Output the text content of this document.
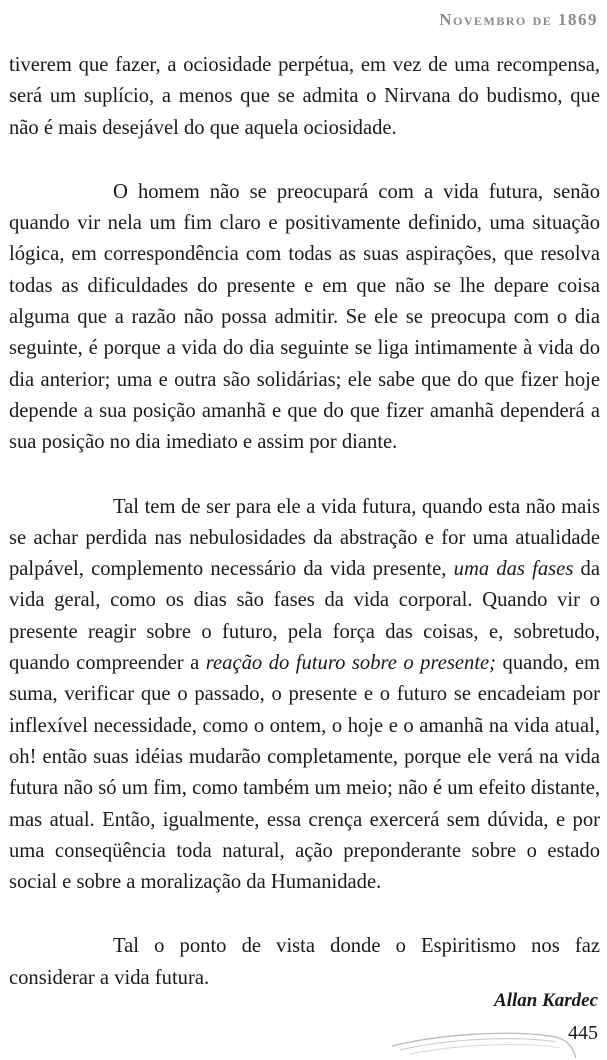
Novembro de 1869

tiverem que fazer, a ociosidade perpétua, em vez de uma recompensa, será um suplício, a menos que se admita o Nirvana do budismo, que não é mais desejável do que aquela ociosidade.

O homem não se preocupará com a vida futura, senão quando vir nela um fim claro e positivamente definido, uma situação lógica, em correspondência com todas as suas aspirações, que resolva todas as dificuldades do presente e em que não se lhe depare coisa alguma que a razão não possa admitir. Se ele se preocupa com o dia seguinte, é porque a vida do dia seguinte se liga intimamente à vida do dia anterior; uma e outra são solidárias; ele sabe que do que fizer hoje depende a sua posição amanhã e que do que fizer amanhã dependerá a sua posição no dia imediato e assim por diante.

Tal tem de ser para ele a vida futura, quando esta não mais se achar perdida nas nebulosidades da abstração e for uma atualidade palpável, complemento necessário da vida presente, uma das fases da vida geral, como os dias são fases da vida corporal. Quando vir o presente reagir sobre o futuro, pela força das coisas, e, sobretudo, quando compreender a reação do futuro sobre o presente; quando, em suma, verificar que o passado, o presente e o futuro se encadeiam por inflexível necessidade, como o ontem, o hoje e o amanhã na vida atual, oh! então suas idéias mudarão completamente, porque ele verá na vida futura não só um fim, como também um meio; não é um efeito distante, mas atual. Então, igualmente, essa crença exercerá sem dúvida, e por uma conseqüência toda natural, ação preponderante sobre o estado social e sobre a moralização da Humanidade.

Tal o ponto de vista donde o Espiritismo nos faz considerar a vida futura.

Allan Kardec
445
